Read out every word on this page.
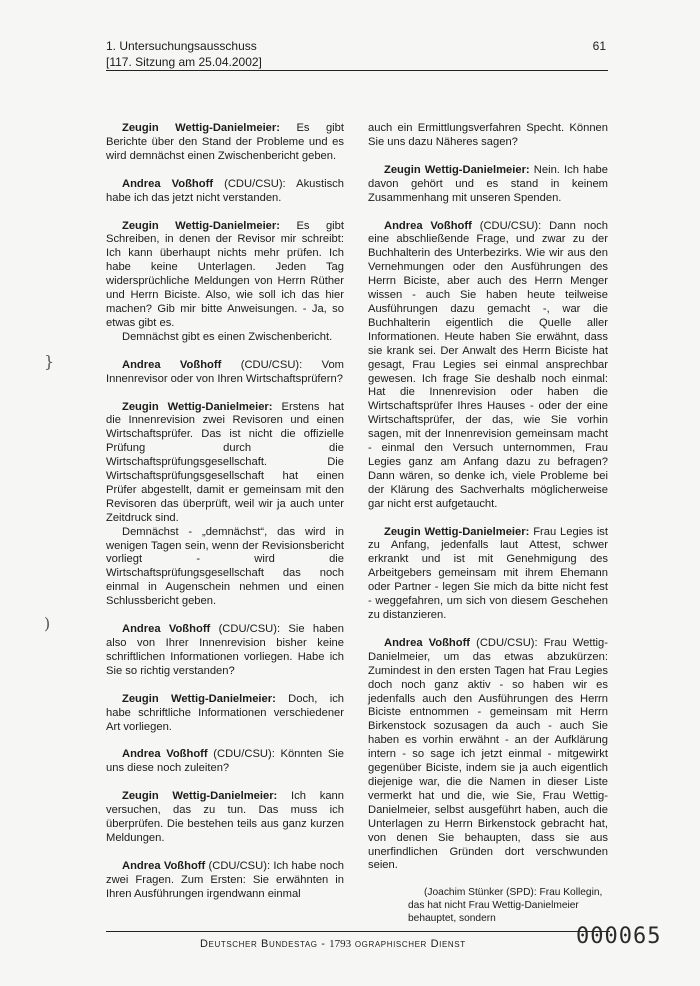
1. Untersuchungsausschuss
[117. Sitzung am 25.04.2002]
61

Zeugin Wettig-Danielmeier: Es gibt Berichte über den Stand der Probleme und es wird demnächst einen Zwischenbericht geben.

Andrea Voßhoff (CDU/CSU): Akustisch habe ich das jetzt nicht verstanden.

Zeugin Wettig-Danielmeier: Es gibt Schreiben, in denen der Revisor mir schreibt: Ich kann überhaupt nichts mehr prüfen. Ich habe keine Unterlagen. Jeden Tag widersprüchliche Meldungen von Herrn Rüther und Herrn Biciste. Also, wie soll ich das hier machen? Gib mir bitte Anweisungen. - Ja, so etwas gibt es.

Demnächst gibt es einen Zwischenbericht.

Andrea Voßhoff (CDU/CSU): Vom Innenrevisor oder von Ihren Wirtschaftsprüfern?

Zeugin Wettig-Danielmeier: Erstens hat die Innenrevision zwei Revisoren und einen Wirtschaftsprüfer. Das ist nicht die offizielle Prüfung durch die Wirtschaftsprüfungsgesellschaft. Die Wirtschaftsprüfungsgesellschaft hat einen Prüfer abgestellt, damit er gemeinsam mit den Revisoren das überprüft, weil wir ja auch unter Zeitdruck sind.

Demnächst - „demnächst“, das wird in wenigen Tagen sein, wenn der Revisionsbericht vorliegt - wird die Wirtschaftsprüfungsgesellschaft das noch einmal in Augenschein nehmen und einen Schlussbericht geben.

Andrea Voßhoff (CDU/CSU): Sie haben also von Ihrer Innenrevision bisher keine schriftlichen Informationen vorliegen. Habe ich Sie so richtig verstanden?

Zeugin Wettig-Danielmeier: Doch, ich habe schriftliche Informationen verschiedener Art vorliegen.

Andrea Voßhoff (CDU/CSU): Könnten Sie uns diese noch zuleiten?

Zeugin Wettig-Danielmeier: Ich kann versuchen, das zu tun. Das muss ich überprüfen. Die bestehen teils aus ganz kurzen Meldungen.

Andrea Voßhoff (CDU/CSU): Ich habe noch zwei Fragen. Zum Ersten: Sie erwähnten in Ihren Ausführungen irgendwann einmal

auch ein Ermittlungsverfahren Specht. Können Sie uns dazu Näheres sagen?

Zeugin Wettig-Danielmeier: Nein. Ich habe davon gehört und es stand in keinem Zusammenhang mit unseren Spenden.

Andrea Voßhoff (CDU/CSU): Dann noch eine abschließende Frage, und zwar zu der Buchhalterin des Unterbezirks. Wie wir aus den Vernehmungen oder den Ausführungen des Herrn Biciste, aber auch des Herrn Menger wissen - auch Sie haben heute teilweise Ausführungen dazu gemacht -, war die Buchhalterin eigentlich die Quelle aller Informationen. Heute haben Sie erwähnt, dass sie krank sei. Der Anwalt des Herrn Biciste hat gesagt, Frau Legies sei einmal ansprechbar gewesen. Ich frage Sie deshalb noch einmal: Hat die Innenrevision oder haben die Wirtschaftsprüfer Ihres Hauses - oder der eine Wirtschaftsprüfer, der das, wie Sie vorhin sagen, mit der Innenrevision gemeinsam macht - einmal den Versuch unternommen, Frau Legies ganz am Anfang dazu zu befragen? Dann wären, so denke ich, viele Probleme bei der Klärung des Sachverhalts möglicherweise gar nicht erst aufgetaucht.

Zeugin Wettig-Danielmeier: Frau Legies ist zu Anfang, jedenfalls laut Attest, schwer erkrankt und ist mit Genehmigung des Arbeitgebers gemeinsam mit ihrem Ehemann oder Partner - legen Sie mich da bitte nicht fest - weggefahren, um sich von diesem Geschehen zu distanzieren.

Andrea Voßhoff (CDU/CSU): Frau Wettig-Danielmeier, um das etwas abzukürzen: Zumindest in den ersten Tagen hat Frau Legies doch noch ganz aktiv - so haben wir es jedenfalls auch den Ausführungen des Herrn Biciste entnommen - gemeinsam mit Herrn Birkenstock sozusagen da auch - auch Sie haben es vorhin erwähnt - an der Aufklärung intern - so sage ich jetzt einmal - mitgewirkt gegenüber Biciste, indem sie ja auch eigentlich diejenige war, die die Namen in dieser Liste vermerkt hat und die, wie Sie, Frau Wettig-Danielmeier, selbst ausgeführt haben, auch die Unterlagen zu Herrn Birkenstock gebracht hat, von denen Sie behaupten, dass sie aus unerfindlichen Gründen dort verschwunden seien.

(Joachim Stünker (SPD): Frau Kollegin, das hat nicht Frau Wettig-Danielmeier behauptet, sondern

}
)
Deutscher Bundestag - 1793 ographischer Dienst	000065
